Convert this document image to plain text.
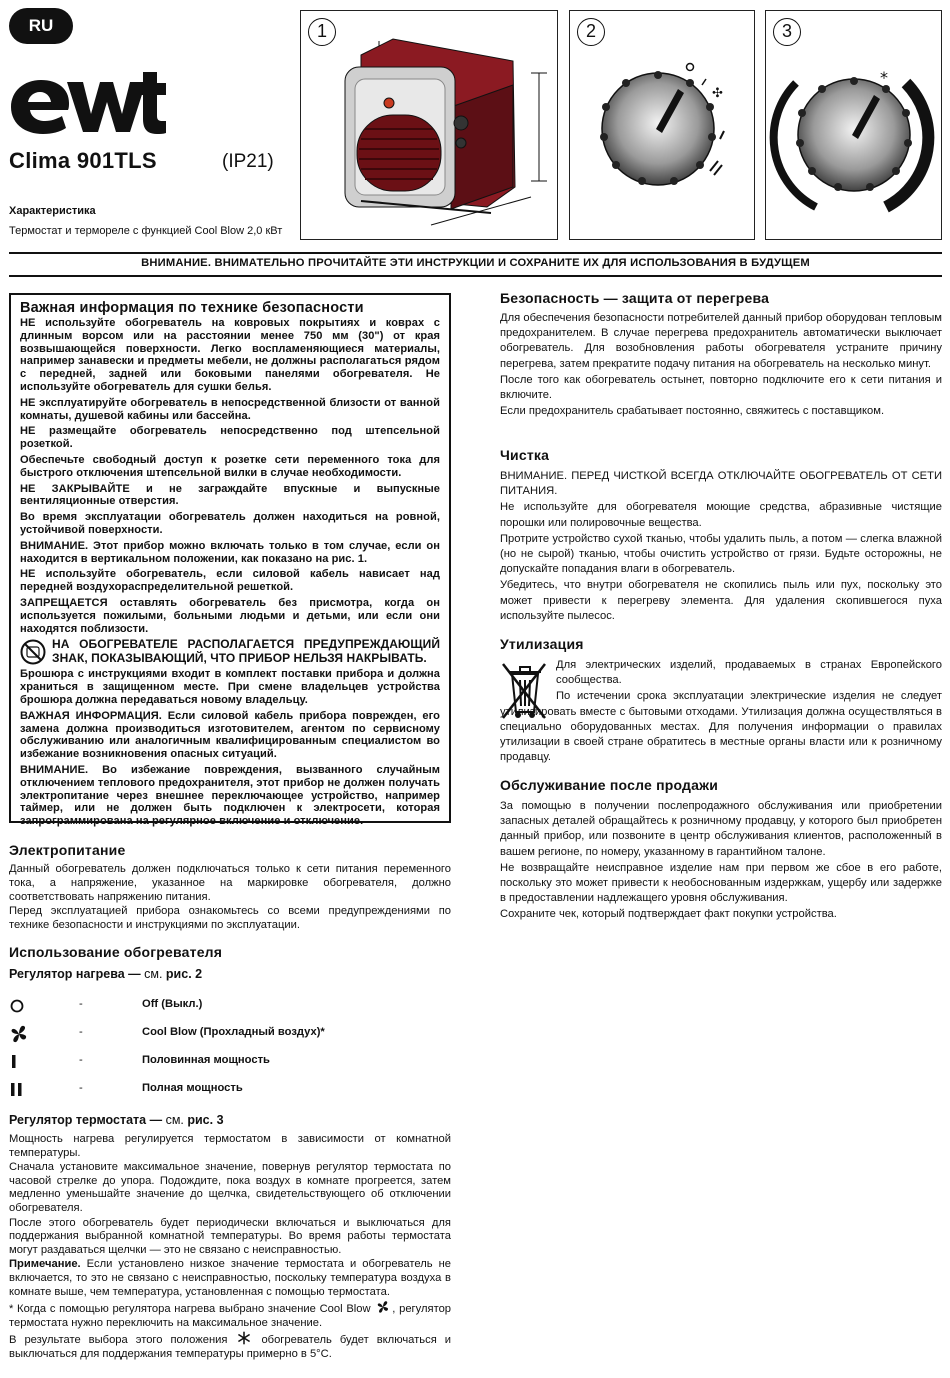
RU
Clima 901TLS	(IP21)
Характеристика
Термостат и термореле с функцией Cool Blow 2,0 кВт
1	2
✣
3
*
ВНИМАНИЕ. ВНИМАТЕЛЬНО ПРОЧИТАЙТЕ ЭТИ ИНСТРУКЦИИ И СОХРАНИТЕ ИХ ДЛЯ ИСПОЛЬЗОВАНИЯ В БУДУЩЕМ
Важная информация по технике безопасности

НЕ используйте обогреватель на ковровых покрытиях и ковpax с длинным ворсом или на расстоянии менее 750 мм (30") от края возвышающейся поверхности. Легко воспламеняющиеся материалы, например занавески и предметы мебели, не должны располагаться рядом с передней, задней или боковыми панелями обогревателя. Не используйте обогреватель для сушки белья.

НЕ эксплуатируйте обогреватель в непосредственной близости от ванной комнаты, душевой кабины или бассейна.

НЕ размещайте обогреватель непосредственно под штепсельной розеткой.

Обеспечьте свободный доступ к розетке сети переменного тока для быстрого отключения штепсельной вилки в случае необходимости.

НЕ ЗАКРЫВАЙТЕ и не заграждайте впускные и выпускные вентиляционные отверстия.

Во время эксплуатации обогреватель должен находиться на ровной, устойчивой поверхности.

ВНИМАНИЕ. Этот прибор можно включать только в том случае, если он находится в вертикальном положении, как показано на рис. 1.

НЕ используйте обогреватель, если силовой кабель нависает над передней воздухораспределительной решеткой.

ЗАПРЕЩАЕТСЯ оставлять обогреватель без присмотра, когда он используется пожилыми, больными людьми и детьми, или если они находятся поблизости.

НА ОБОГРЕВАТЕЛЕ РАСПОЛАГАЕТСЯ ПРЕДУПРЕЖДАЮЩИЙ ЗНАК, ПОКАЗЫВАЮЩИЙ, ЧТО ПРИБОР НЕЛЬЗЯ НАКРЫВАТЬ.

Брошюра с инструкциями входит в комплект поставки прибора и должна храниться в защищенном месте. При смене владельцев устройства брошюра должна передаваться новому владельцу.

ВАЖНАЯ ИНФОРМАЦИЯ. Если силовой кабель прибора поврежден, его замена должна производиться изготовителем, агентом по сервисному обслуживанию или аналогичным квалифицированным специалистом во избежание возникновения опасных ситуаций.

ВНИМАНИЕ. Во избежание повреждения, вызванного случайным отключением теплового предохранителя, этот прибор не должен получать электропитание через внешнее переключающее устройство, например таймер, или не должен быть подключен к электросети, которая запрограммирована на регулярное включение и отключение.

Электропитание

Данный обогреватель должен подключаться только к сети питания переменного тока, а напряжение, указанное на маркировке обогревателя, должно соответствовать напряжению питания.

Перед эксплуатацией прибора ознакомьтесь со всеми предупреждениями по технике безопасности и инструкциями по эксплуатации.

Использование обогревателя
Регулятор нагрева — см. рис. 2
-	Off (Выкл.)
-	Cool Blow (Прохладный воздух)*
-	Половинная мощность
-	Полная мощность
Регулятор термостата — см. рис. 3

Мощность нагрева регулируется термостатом в зависимости от комнатной температуры.

Сначала установите максимальное значение, повернув регулятор термостата по часовой стрелке до упора. Подождите, пока воздух в комнате прогреется, затем медленно уменьшайте значение до щелчка, свидетельствующего об отключении обогревателя.

После этого обогреватель будет периодически включаться и выключаться для поддержания выбранной комнатной температуры. Во время работы термостата могут раздаваться щелчки — это не связано с неисправностью.

Примечание. Если установлено низкое значение термостата и обогреватель не включается, то это не связано с неисправностью, поскольку температура воздуха в комнате выше, чем температура, установленная с помощью термостата.

* Когда с помощью регулятора нагрева выбрано значение Cool Blow , регулятор термостата нужно переключить на максимальное значение.

В результате выбора этого положения	обогреватель будет включаться и выключаться для поддержания температуры примерно в 5°С.

Безопасность — защита от перегрева

Для обеспечения безопасности потребителей данный прибор оборудован тепловым предохранителем. В случае перегрева предохранитель автоматически выключает обогреватель. Для возобновления работы обогревателя устраните причину перегрева, затем прекратите подачу питания на обогреватель на несколько минут.

После того как обогреватель остынет, повторно подключите его к сети питания и включите.

Если предохранитель срабатывает постоянно, свяжитесь с поставщиком.

Чистка

ВНИМАНИЕ. ПЕРЕД ЧИСТКОЙ ВСЕГДА ОТКЛЮЧАЙТЕ ОБОГРЕВАТЕЛЬ ОТ СЕТИ ПИТАНИЯ.

Не используйте для обогревателя моющие средства, абразивные чистящие порошки или полировочные вещества.

Протрите устройство сухой тканью, чтобы удалить пыль, а потом — слегка влажной (но не сырой) тканью, чтобы очистить устройство от грязи. Будьте осторожны, не допускайте попадания влаги в обогреватель.

Убедитесь, что внутри обогревателя не скопились пыль или пух, поскольку это может привести к перегреву элемента. Для удаления скопившегося пуха используйте пылесос.

Утилизация

Для электрических изделий, продаваемых в странах Европейского сообщества.

По истечении срока эксплуатации электрические изделия не следует утилизировать вместе с бытовыми отходами. Утилизация должна осуществляться в специально оборудованных местах. Для получения информации о правилах утилизации в своей стране обратитесь в местные органы власти или к розничному продавцу.

Обслуживание после продажи

За помощью в получении послепродажного обслуживания или приобретении запасных деталей обращайтесь к розничному продавцу, у которого был приобретен данный прибор, или позвоните в центр обслуживания клиентов, расположенный в вашем регионе, по номеру, указанному в гарантийном талоне.

Не возвращайте неисправное изделие нам при первом же сбое в его работе, поскольку это может привести к необоснованным издержкам, ущербу или задержке в предоставлении надлежащего уровня обслуживания.

Сохраните чек, который подтверждает факт покупки устройства.
